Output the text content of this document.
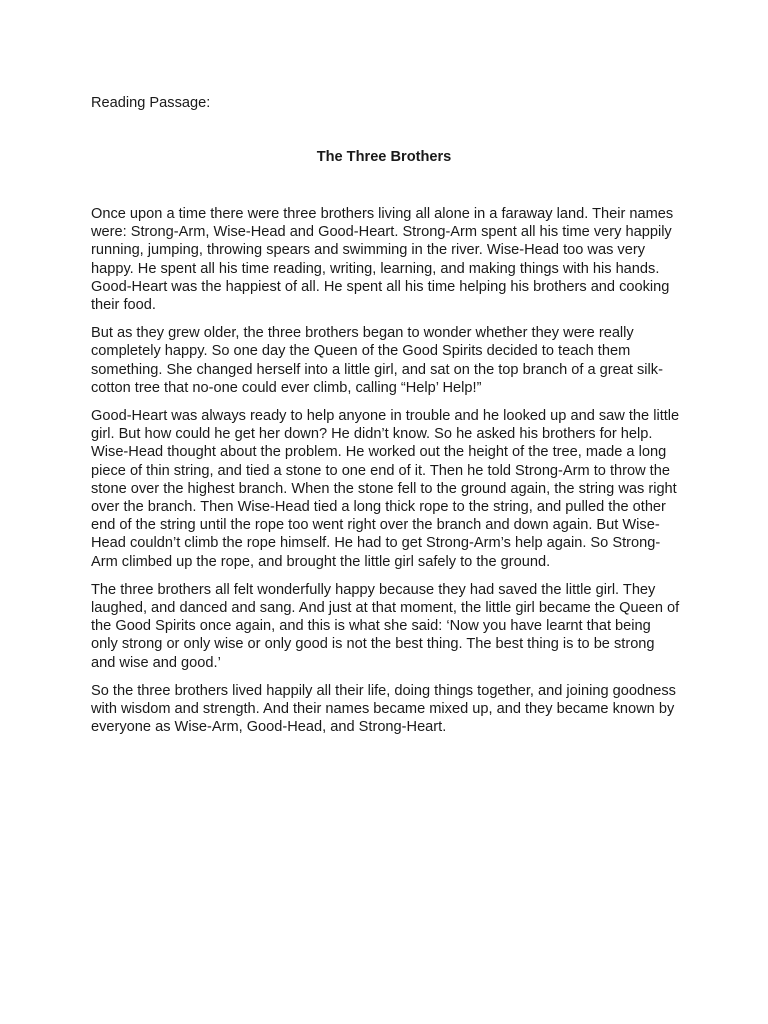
Reading Passage:

The Three Brothers

Once upon a time there were three brothers living all alone in a faraway land. Their names were: Strong-Arm, Wise-Head and Good-Heart. Strong-Arm spent all his time very happily running, jumping, throwing spears and swimming in the river. Wise-Head too was very happy. He spent all his time reading, writing, learning, and making things with his hands. Good-Heart was the happiest of all. He spent all his time helping his brothers and cooking their food.

But as they grew older, the three brothers began to wonder whether they were really completely happy. So one day the Queen of the Good Spirits decided to teach them something. She changed herself into a little girl, and sat on the top branch of a great silk-cotton tree that no-one could ever climb, calling “Help’ Help!”

Good-Heart was always ready to help anyone in trouble and he looked up and saw the little girl. But how could he get her down? He didn’t know. So he asked his brothers for help. Wise-Head thought about the problem. He worked out the height of the tree, made a long piece of thin string, and tied a stone to one end of it. Then he told Strong-Arm to throw the stone over the highest branch. When the stone fell to the ground again, the string was right over the branch. Then Wise-Head tied a long thick rope to the string, and pulled the other end of the string until the rope too went right over the branch and down again. But Wise-Head couldn’t climb the rope himself. He had to get Strong-Arm’s help again. So Strong-Arm climbed up the rope, and brought the little girl safely to the ground.

The three brothers all felt wonderfully happy because they had saved the little girl. They laughed, and danced and sang. And just at that moment, the little girl became the Queen of the Good Spirits once again, and this is what she said: ‘Now you have learnt that being only strong or only wise or only good is not the best thing. The best thing is to be strong and wise and good.’

So the three brothers lived happily all their life, doing things together, and joining goodness with wisdom and strength. And their names became mixed up, and they became known by everyone as Wise-Arm, Good-Head, and Strong-Heart.
